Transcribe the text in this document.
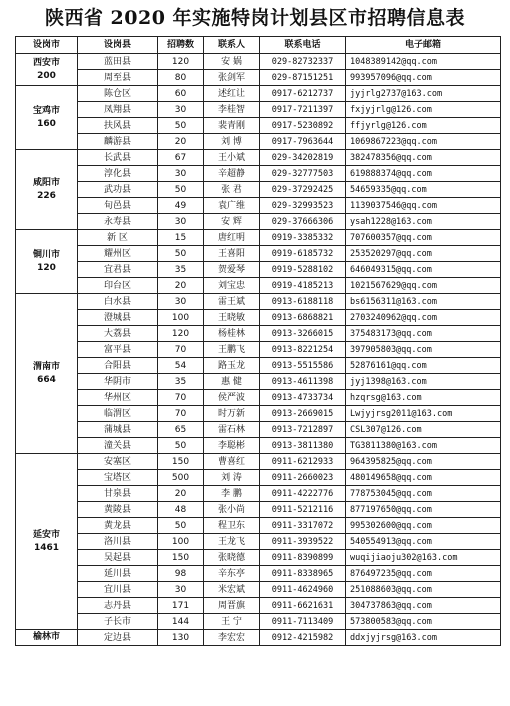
陕西省 2020 年实施特岗计划县区市招聘信息表
设岗市	设岗县	招聘数	联系人	联系电话	电子邮箱

西安市
200	蓝田县	120	安 娲	029-82732337	1048389142@qq.com
	周至县	80	张剑军	029-87151251	993957096@qq.com

宝鸡市
160	陈仓区	60	述红让	0917-6212737	jyjrlg2737@163.com
	凤翔县	30	李桂智	0917-7211397	fxjyjrlg@126.com
	扶风县	50	裴青刚	0917-5230892	ffjyrlg@126.com
	麟游县	20	刘 博	0917-7963644	1069867223@qq.com

咸阳市
226	长武县	67	王小斌	029-34202819	382478356@qq.com
	淳化县	30	辛超静	029-32777503	619888374@qq.com
	武功县	50	张 君	029-37292425	54659335@qq.com
	旬邑县	49	袁广维	029-32993523	1139037546@qq.com
	永寿县	30	安 辉	029-37666306	ysah1228@163.com

铜川市
120	新 区	15	唐红明	0919-3385332	707600357@qq.com
	耀州区	50	王喜阳	0919-6185732	253520297@qq.com
	宜君县	35	贺爱琴	0919-5288102	646049315@qq.com
	印台区	20	刘宝忠	0919-4185213	1021567629@qq.com

渭南市
664	白水县	30	雷王斌	0913-6188118	bs6156311@163.com
	澄城县	100	王晓敏	0913-6868821	2703240962@qq.com
	大荔县	120	杨桂林	0913-3266015	375483173@qq.com
	富平县	70	王鹏飞	0913-8221254	397905803@qq.com
	合阳县	54	路玉龙	0913-5515586	52876161@qq.com
	华阴市	35	惠 健	0913-4611398	jyj1398@163.com
	华州区	70	侯严波	0913-4733734	hzqrsg@163.com
	临渭区	70	时万新	0913-2669015	Lwjyjrsg2011@163.com
	蒲城县	65	雷石林	0913-7212897	CSL307@126.com
	潼关县	50	李聪彬	0913-3811380	TG3811380@163.com

延安市
1461	安塞区	150	曹喜红	0911-6212933	964395825@qq.com
	宝塔区	500	刘 涛	0911-2660023	480149658@qq.com
	甘泉县	20	李 鹏	0911-4222776	778753045@qq.com
	黄陵县	48	张小尚	0911-5212116	877197650@qq.com
	黄龙县	50	程卫东	0911-3317072	995302600@qq.com
	洛川县	100	王龙飞	0911-3939522	540554913@qq.com
	吴起县	150	张晓德	0911-8390899	wuqijiaoju302@163.com
	延川县	98	辛东亭	0911-8338965	876497235@qq.com
	宜川县	30	米宏斌	0911-4624960	251088603@qq.com
	志丹县	171	周晋旗	0911-6621631	304737863@qq.com
	子长市	144	王 宁	0911-7113409	573800583@qq.com

榆林市	定边县	130	李宏宏	0912-4215982	ddxjyjrsg@163.com
